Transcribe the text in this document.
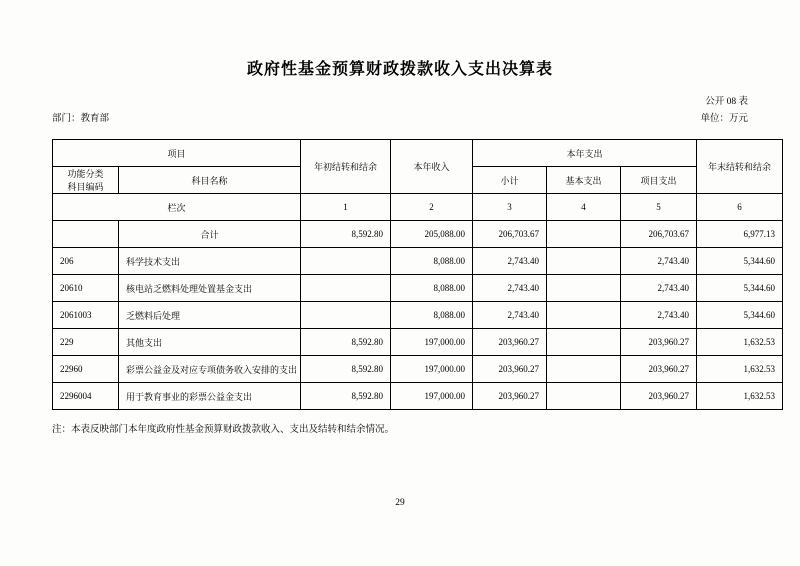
政府性基金预算财政拨款收入支出决算表
公开 08 表
部门：教育部	单位：万元
项目		年初结转和结余	本年收入	本年支出			年末结转和结余

功能分类
科目编码	科目名称			小计	基本支出	项目支出	
栏次		1	2	3	4	5	6
	合计	8,592.80	205,088.00	206,703.67		206,703.67	6,977.13
206	科学技术支出		8,088.00	2,743.40		2,743.40	5,344.60
20610	核电站乏燃料处理处置基金支出		8,088.00	2,743.40		2,743.40	5,344.60
2061003	乏燃料后处理		8,088.00	2,743.40		2,743.40	5,344.60
229	其他支出	8,592.80	197,000.00	203,960.27		203,960.27	1,632.53
22960	彩票公益金及对应专项债务收入安排的支出	8,592.80	197,000.00	203,960.27		203,960.27	1,632.53
2296004	用于教育事业的彩票公益金支出	8,592.80	197,000.00	203,960.27		203,960.27	1,632.53
注：本表反映部门本年度政府性基金预算财政拨款收入、支出及结转和结余情况。
29
